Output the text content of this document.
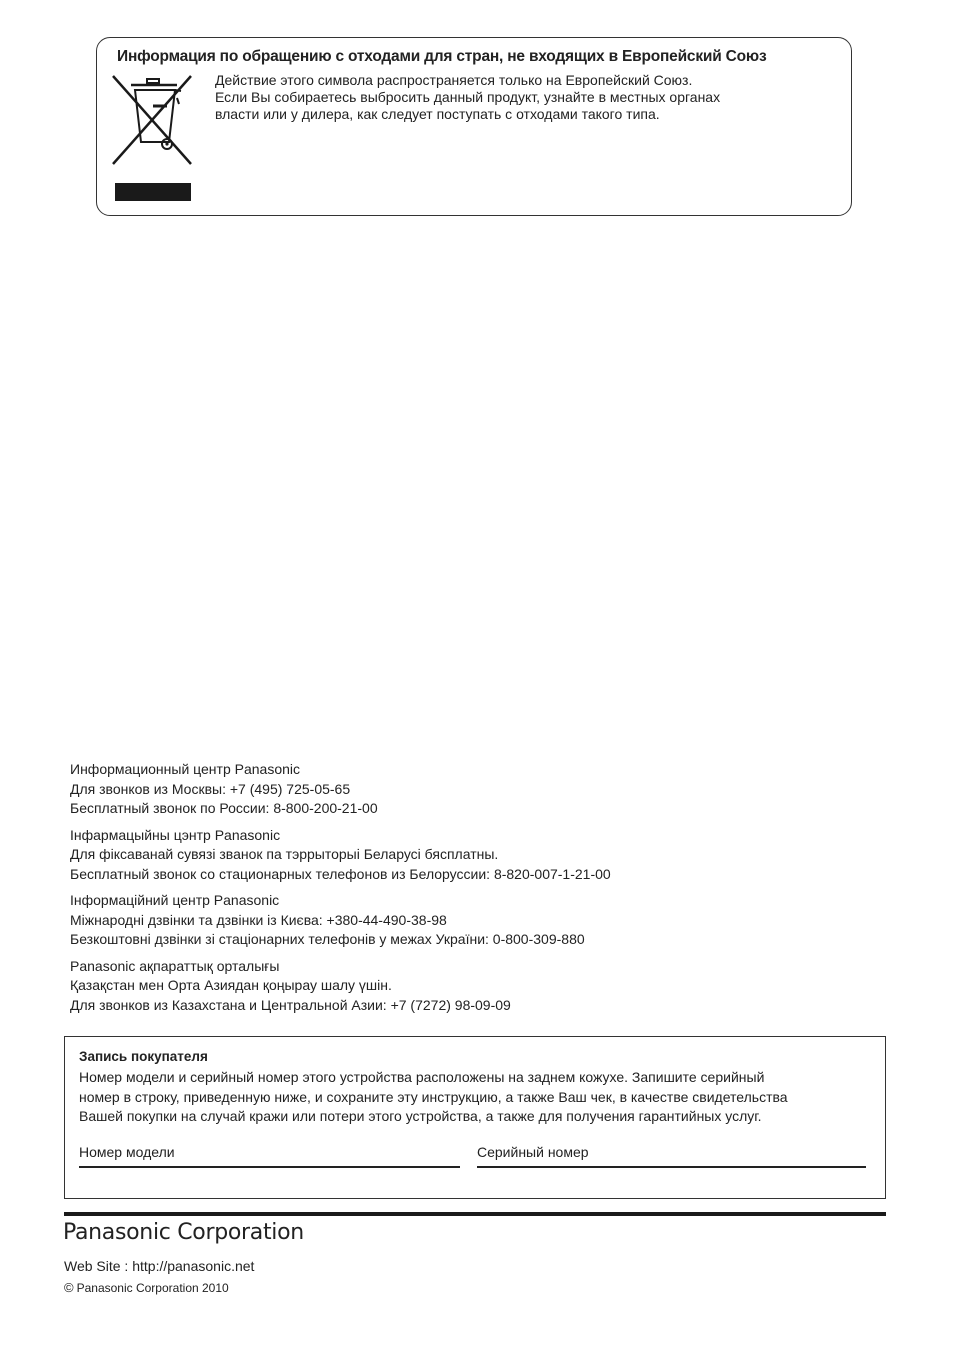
Информация по обращению с отходами для стран, не входящих в Европейский Союз
Действие этого символа распространяется только на Европейский Союз.
Если Вы собираетесь выбросить данный продукт, узнайте в местных органах
власти или у дилера, как следует поступать с отходами такого типа.
Информационный центр Panasonic
Для звонков из Москвы: +7 (495) 725-05-65
Бесплатный звонок по России: 8-800-200-21-00
Інфармацыйны цэнтр Panasonic
Для фіксаванай сувязі званок па тэррыторыі Беларусі бясплатны.
Бесплатный звонок со стационарных телефонов из Белоруссии: 8-820-007-1-21-00
Інформаційний центр Panasonic
Міжнародні дзвінки та дзвінки із Києва: +380-44-490-38-98
Безкоштовні дзвінки зі стаціонарних телефонів у межах України: 0-800-309-880
Panasonic ақпараттық орталығы
Қазақстан мен Орта Азиядан қоңырау шалу үшін.
Для звонков из Казахстана и Центральной Азии: +7 (7272) 98-09-09
Запись покупателя
Номер модели и серийный номер этого устройства расположены на заднем кожухе. Запишите серийный
номер в строку, приведенную ниже, и сохраните эту инструкцию, а также Ваш чек, в качестве свидетельства
Вашей покупки на случай кражи или потери этого устройства, а также для получения гарантийных услуг.
Номер модели	Серийный номер
Panasonic Corporation
Web Site : http://panasonic.net
© Panasonic Corporation 2010
